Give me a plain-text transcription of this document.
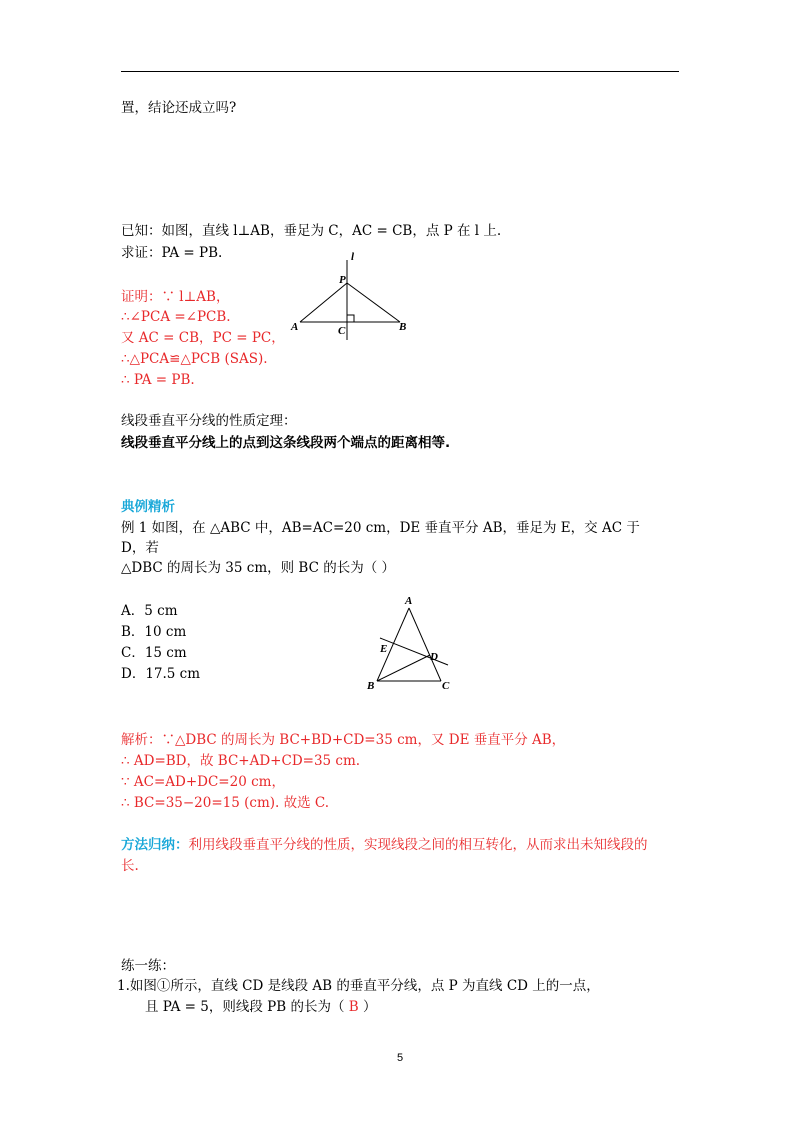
置，结论还成立吗?
已知：如图，直线 l⊥AB，垂足为 C，AC = CB，点 P 在 l 上.
求证：PA = PB.
证明：∵ l⊥AB，
∴∠PCA =∠PCB.
又 AC = CB，PC = PC，
∴△PCA≌△PCB (SAS).
∴ PA = PB.
l
P
A	C	B
线段垂直平分线的性质定理：
线段垂直平分线上的点到这条线段两个端点的距离相等.
典例精析
例 1 如图，在 △ABC 中，AB=AC=20 cm，DE 垂直平分 AB，垂足为 E，交 AC 于
D，若
△DBC 的周长为 35 cm，则 BC 的长为（ ）
A．5 cm
B．10 cm
C．15 cm
D．17.5 cm
A
E
D
B	C
解析：∵△DBC 的周长为 BC+BD+CD=35 cm，又 DE 垂直平分 AB，
∴ AD=BD，故 BC+AD+CD=35 cm.
∵ AC=AD+DC=20 cm，
∴ BC=35−20=15 (cm). 故选 C.
方法归纳：利用线段垂直平分线的性质，实现线段之间的相互转化，从而求出未知线段的
长.
练一练：
1.如图①所示，直线 CD 是线段 AB 的垂直平分线，点 P 为直线 CD 上的一点，
且 PA = 5，则线段 PB 的长为（ B ）
5
